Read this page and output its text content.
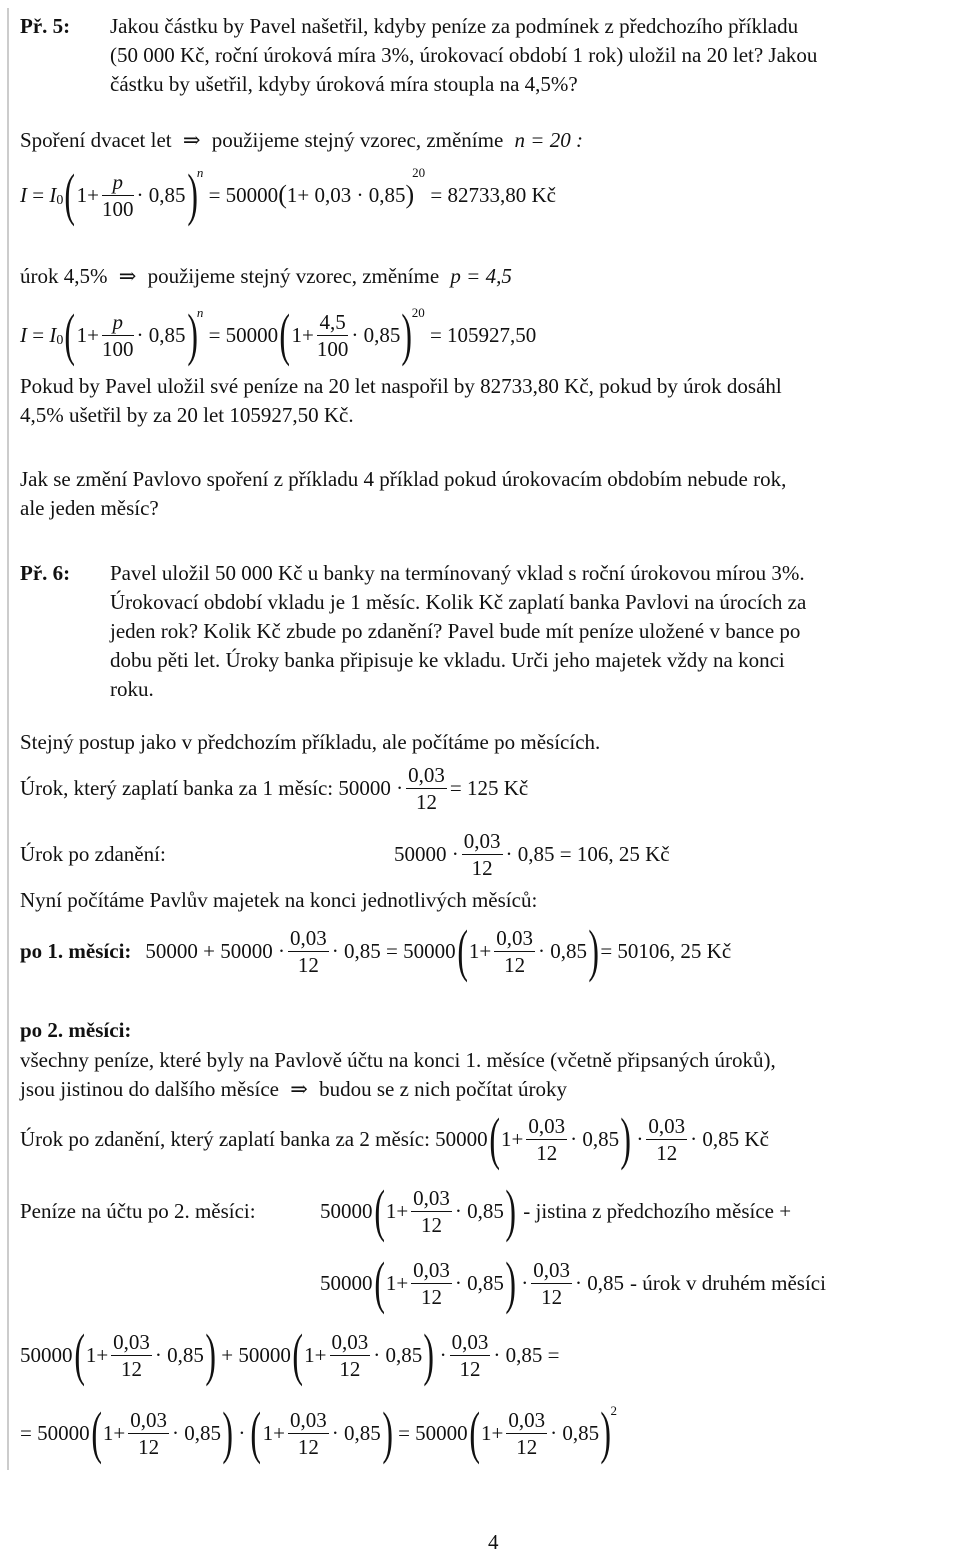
Př. 5: Jakou částku by Pavel našetřil, kdyby peníze za podmínek z předchozího příkladu
(50 000 Kč, roční úroková míra 3%, úrokovací období 1 rok) uložil na 20 let? Jakou
částku by ušetřil, kdyby úroková míra stoupla na 4,5%?
Spoření dvacet let ⇒ použijeme stejný vzorec, změníme n = 20 :
I
=
I 0 ( $1+ \frac{p}{100} \cdot 0,85$ ) n

= 50000 ( 1+ 0,03 · 0,85 )
20

= 82733,80 Kč
úrok 4,5% ⇒ použijeme stejný vzorec, změníme p = 4,5
I
=
I 0 ( $1+ \frac{p}{100} \cdot 0,85$ ) n

= 50000 ( $1+ \frac{4,5}{100} \cdot 0,85$ ) 20

= 105927,50
Pokud by Pavel uložil své peníze na 20 let naspořil by 82733,80 Kč, pokud by úrok dosáhl
4,5% ušetřil by za 20 let 105927,50 Kč.
Jak se změní Pavlovo spoření z příkladu 4 příklad pokud úrokovacím obdobím nebude rok,
ale jeden měsíc?
Př. 6: Pavel uložil 50 000 Kč u banky na termínovaný vklad s roční úrokovou mírou 3%.
Úrokovací období vkladu je 1 měsíc. Kolik Kč zaplatí banka Pavlovi na úrocích za
jeden rok? Kolik Kč zbude po zdanění? Pavel bude mít peníze uložené v bance po
dobu pěti let. Úroky banka připisuje ke vkladu. Urči jeho majetek vždy na konci
roku.
Stejný postup jako v předchozím příkladu, ale počítáme po měsících.
Úrok, který zaplatí banka za 1 měsíc:
$50000 \cdot \frac{0,03}{12} = 125$ Kč
Úrok po zdanění:	$50000 \cdot \frac{0,03}{12} \cdot 0,85 = 106$, 25 Kč
Nyní počítáme Pavlův majetek na konci jednotlivých měsíců:
po 1. měsíci: $50000 + 50000 \cdot \frac{0,03}{12} \cdot 0,85 = 50000$ ( $1+ \frac{0,03}{12} \cdot 0,85$ ) = 50106, 25 Kč
po 2. měsíci:
všechny peníze, které byly na Pavlově účtu na konci 1. měsíce (včetně připsaných úroků),
jsou jistinou do dalšího měsíce ⇒ budou se z nich počítat úroky
Úrok po zdanění, který zaplatí banka za 2 měsíc: 50000 ( $1+ \frac{0,03}{12} \cdot 0,85$ ) · $\frac{0,03}{12} \cdot 0,85$
Kč
Peníze na účtu po 2. měsíci:	50000 ( $1+ \frac{0,03}{12} \cdot 0,85$ ) - jistina z předchozího měsíce +
50000 ( $1+ \frac{0,03}{12} \cdot 0,85$ ) · $\frac{0,03}{12} \cdot 0,85$ - úrok v druhém měsíci
50000 ( $1+ \frac{0,03}{12} \cdot 0,85$ ) + 50000 ( $1+ \frac{0,03}{12} \cdot 0,85$ ) · $\frac{0,03}{12} \cdot 0,85$ =
= 50000 ( $1+ \frac{0,03}{12} \cdot 0,85$ ) · ( $1+ \frac{0,03}{12} \cdot 0,85$ ) = 50000 ( $1+ \frac{0,03}{12} \cdot 0,85$ ) 2
4
